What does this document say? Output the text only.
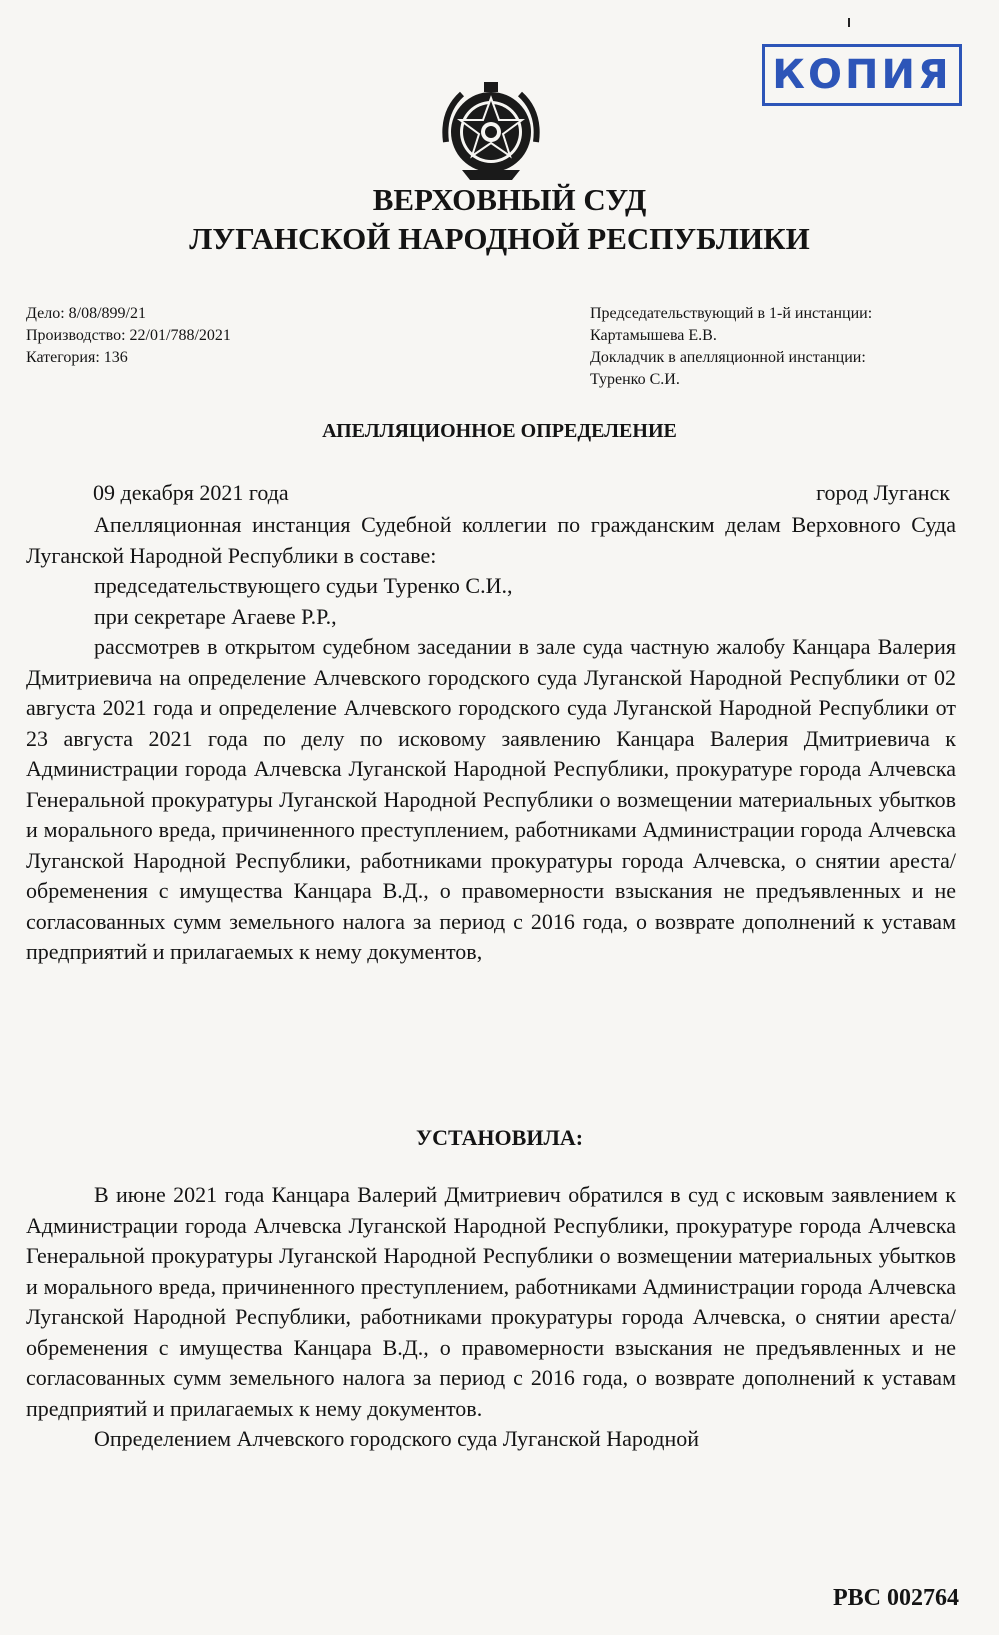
КОПИЯ
ВЕРХОВНЫЙ СУД
ЛУГАНСКОЙ НАРОДНОЙ РЕСПУБЛИКИ
Дело: 8/08/899/21
Производство: 22/01/788/2021
Категория: 136
Председательствующий в 1-й инстанции:
Картамышева Е.В.
Докладчик в апелляционной инстанции:
Туренко С.И.
АПЕЛЛЯЦИОННОЕ ОПРЕДЕЛЕНИЕ
09 декабря 2021 года	город Луганск

Апелляционная инстанция Судебной коллегии по гражданским делам Верховного Суда Луганской Народной Республики в составе:

председательствующего судьи Туренко С.И.,

при секретаре Агаеве Р.Р.,

рассмотрев в открытом судебном заседании в зале суда частную жалобу Канцара Валерия Дмитриевича на определение Алчевского городского суда Луганской Народной Республики от 02 августа 2021 года и определение Алчевского городского суда Луганской Народной Республики от 23 августа 2021 года по делу по исковому заявлению Канцара Валерия Дмитриевича к Администрации города Алчевска Луганской Народной Республики, прокуратуре города Алчевска Генеральной прокуратуры Луганской Народной Республики о возмещении материальных убытков и морального вреда, причиненного преступлением, работниками Администрации города Алчевска Луганской Народной Республики, работниками прокуратуры города Алчевска, о снятии ареста/обременения с имущества Канцара В.Д., о правомерности взыскания не предъявленных и не согласованных сумм земельного налога за период с 2016 года, о возврате дополнений к уставам предприятий и прилагаемых к нему документов,

УСТАНОВИЛА:

В июне 2021 года Канцара Валерий Дмитриевич обратился в суд с исковым заявлением к Администрации города Алчевска Луганской Народной Республики, прокуратуре города Алчевска Генеральной прокуратуры Луганской Народной Республики о возмещении материальных убытков и морального вреда, причиненного преступлением, работниками Администрации города Алчевска Луганской Народной Республики, работниками прокуратуры города Алчевска, о снятии ареста/обременения с имущества Канцара В.Д., о правомерности взыскания не предъявленных и не согласованных сумм земельного налога за период с 2016 года, о возврате дополнений к уставам предприятий и прилагаемых к нему документов.

Определением Алчевского городского суда Луганской Народной

РВС 002764
